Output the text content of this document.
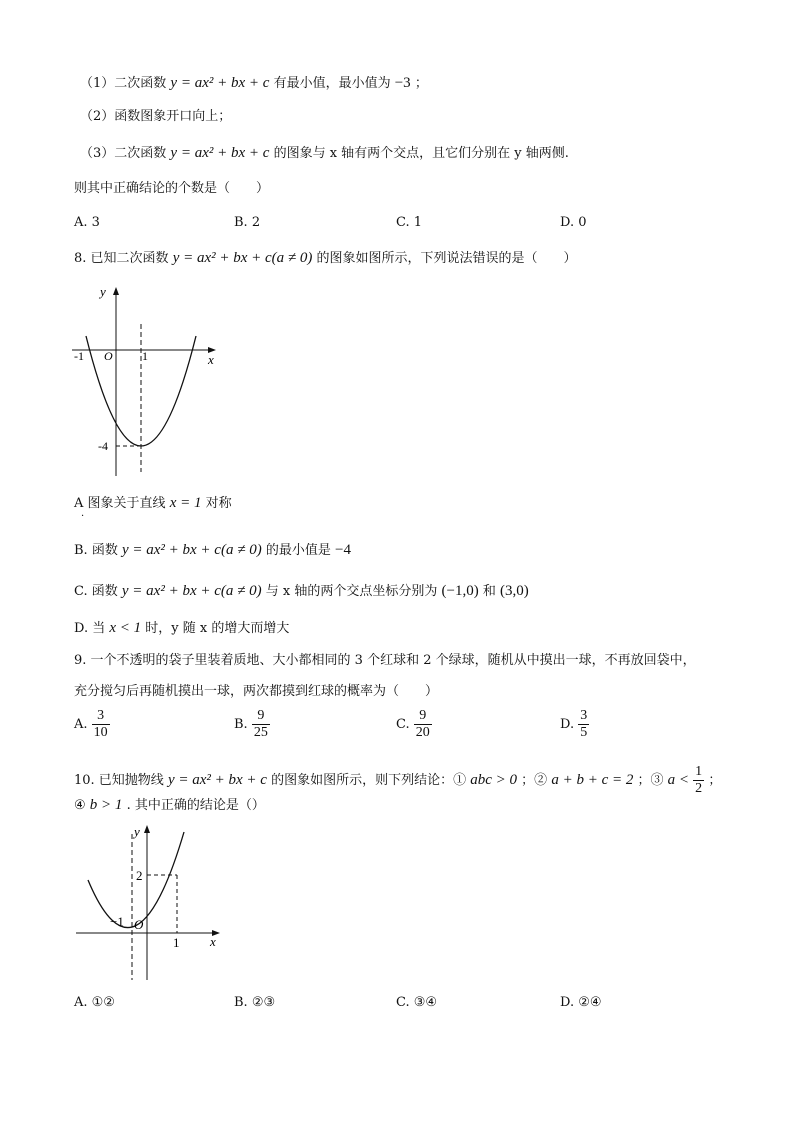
（1）二次函数 y = ax² + bx + c 有最小值，最小值为 −3 ；
（2）函数图象开口向上；
（3）二次函数 y = ax² + bx + c 的图象与 x 轴有两个交点，且它们分别在 y 轴两侧.
则其中正确结论的个数是（　　）
A. 3	B. 2	C. 1	D. 0
8. 已知二次函数 y = ax² + bx + c(a ≠ 0) 的图象如图所示，下列说法错误的是（　　）
y
x
O
-1	1
-4
A 图象关于直线 x = 1 对称
·
B. 函数 y = ax² + bx + c(a ≠ 0) 的最小值是 −4
C. 函数 y = ax² + bx + c(a ≠ 0) 与 x 轴的两个交点坐标分别为 (−1,0) 和 (3,0)
D. 当 x < 1 时，y 随 x 的增大而增大
9. 一个不透明的袋子里装着质地、大小都相同的 3 个红球和 2 个绿球，随机从中摸出一球，不再放回袋中，
充分搅匀后再随机摸出一球，两次都摸到红球的概率为（　　）
A. $\frac{3}{10}$	B. $\frac{9}{25}$	C. $\frac{9}{20}$	D. $\frac{3}{5}$
10. 已知抛物线 y = ax² + bx + c 的图象如图所示，则下列结论：① abc > 0 ；② a + b + c = 2 ；③ $a < \frac{1}{2}$ ；
④ b > 1 . 其中正确的结论是（）
y
x
O
2
−1
1
A. ①②	B. ②③	C. ③④	D. ②④
